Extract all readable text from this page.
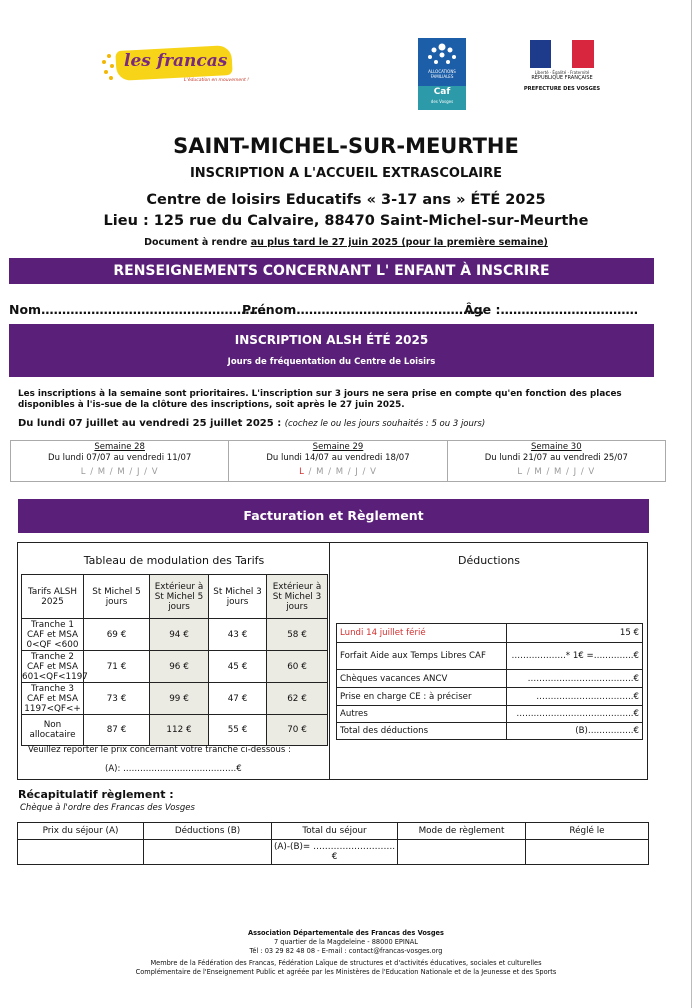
les francas
L'éducation en mouvement !
ALLOCATIONS FAMILIALES
Caf
des Vosges
Liberté · Égalité · Fraternité
RÉPUBLIQUE FRANÇAISE
PREFECTURE DES VOSGES
SAINT-MICHEL-SUR-MEURTHE
INSCRIPTION A L'ACCUEIL EXTRASCOLAIRE
Centre de loisirs Educatifs « 3-17 ans » ÉTÉ 2025
Lieu : 125 rue du Calvaire, 88470 Saint-Michel-sur-Meurthe
Document à rendre au plus tard le 27 juin 2025 (pour la première semaine)
RENSEIGNEMENTS CONCERNANT L' ENFANT À INSCRIRE
Nom………………………………………………
Prénom………………………………………
Âge :……………………………
INSCRIPTION ALSH ÉTÉ 2025
Jours de fréquentation du Centre de Loisirs
Les inscriptions à la semaine sont prioritaires. L'inscription sur 3 jours ne sera prise en compte qu'en fonction des places disponibles à l'is-sue de la clôture des inscriptions, soit après le 27 juin 2025.
Du lundi 07 juillet au vendredi 25 juillet 2025 : (cochez le ou les jours souhaités : 5 ou 3 jours)
Semaine 28
Du lundi 07/07 au vendredi 11/07
L / M / M / J / V
Semaine 29
Du lundi 14/07 au vendredi 18/07
L / M / M / J / V
Semaine 30
Du lundi 21/07 au vendredi 25/07
L / M / M / J / V
Facturation et Règlement
Tableau de modulation des Tarifs
Tarifs ALSH 2025	St Michel 5 jours	Extérieur à St Michel 5 jours	St Michel 3 jours	Extérieur à St Michel 3 jours
Tranche 1 CAF et MSA 0<QF <600	69 €	94 €	43 €	58 €
Tranche 2 CAF et MSA 601<QF<1197	71 €	96 €	45 €	60 €
Tranche 3 CAF et MSA 1197<QF<+	73 €	99 €	47 €	62 €
Non allocataire	87 €	112 €	55 €	70 €
Veuillez reporter le prix concernant votre tranche ci-dessous :
(A): ………………………………….€
Déductions
Lundi 14 juillet férié	15 €
Forfait Aide aux Temps Libres CAF	……………….* 1€ =…………..€
Chèques vacances ANCV	……………………………….€
Prise en charge CE : à préciser	…………………………….€
Autres	…………………………………..€
Total des déductions	(B)…………….€
Récapitulatif règlement :
Chèque à l'ordre des Francas des Vosges
Prix du séjour (A)	Déductions (B)	Total du séjour	Mode de règlement	Réglé le
		(A)-(B)= ……………………….€		
Association Départementale des Francas des Vosges
7 quartier de la Magdeleine - 88000 EPINAL
Tél : 03 29 82 48 08 - E-mail : contact@francas-vosges.org
Membre de la Fédération des Francas, Fédération Laïque de structures et d'activités éducatives, sociales et culturelles
Complémentaire de l'Enseignement Public et agréée par les Ministères de l'Education Nationale et de la Jeunesse et des Sports
